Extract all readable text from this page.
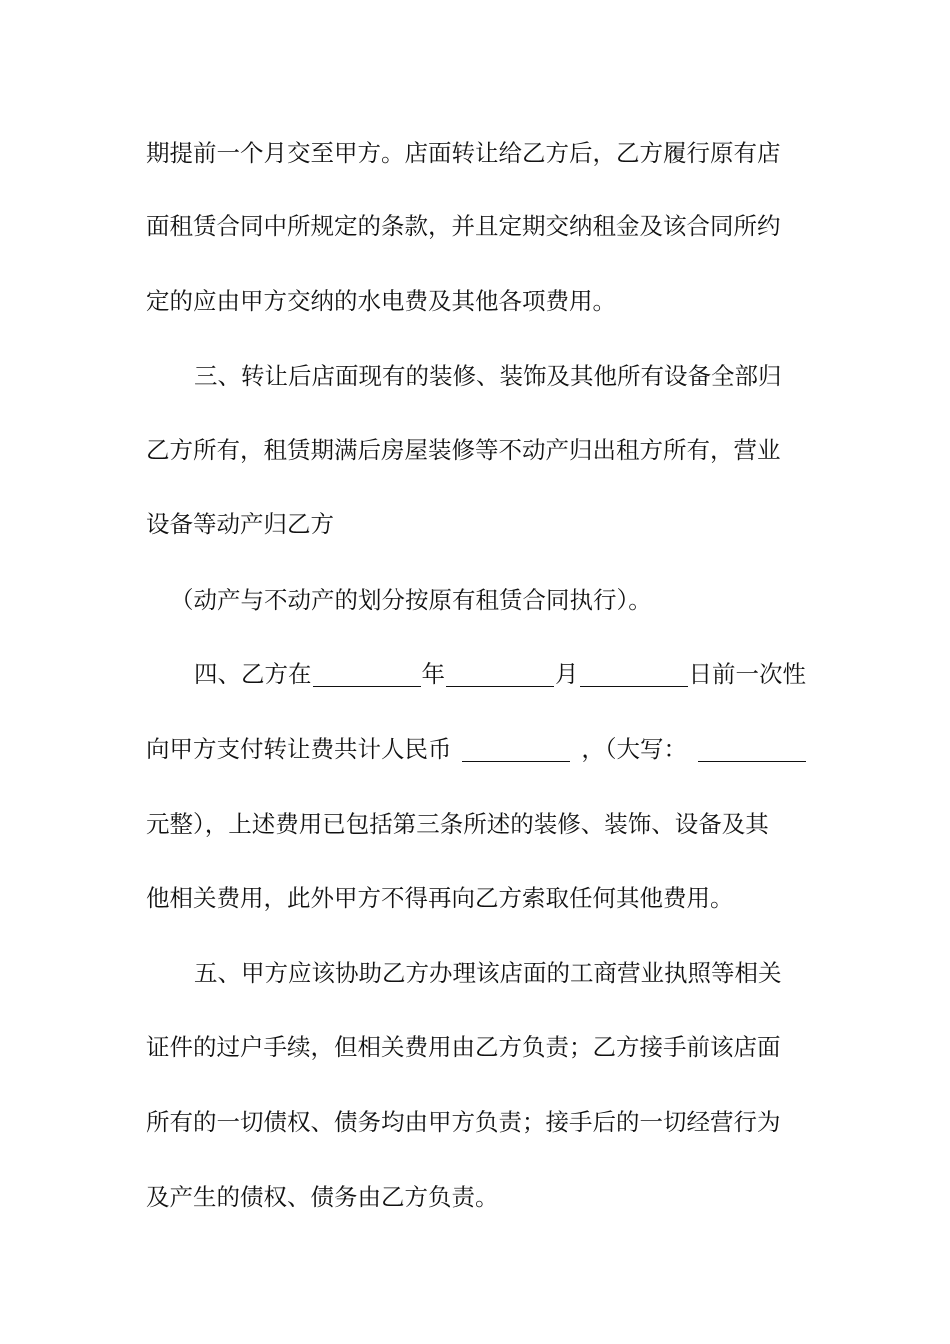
期提前一个月交至甲方。店面转让给乙方后，乙方履行原有店
面租赁合同中所规定的条款，并且定期交纳租金及该合同所约
定的应由甲方交纳的水电费及其他各项费用。
三、转让后店面现有的装修、装饰及其他所有设备全部归
乙方所有，租赁期满后房屋装修等不动产归出租方所有，营业
设备等动产归乙方
（动产与不动产的划分按原有租赁合同执行）。
四、乙方在	年	月	日前一次性
向甲方支付转让费共计人民币	，（大写：
元整），上述费用已包括第三条所述的装修、装饰、设备及其
他相关费用，此外甲方不得再向乙方索取任何其他费用。
五、甲方应该协助乙方办理该店面的工商营业执照等相关
证件的过户手续，但相关费用由乙方负责；乙方接手前该店面
所有的一切债权、债务均由甲方负责；接手后的一切经营行为
及产生的债权、债务由乙方负责。
